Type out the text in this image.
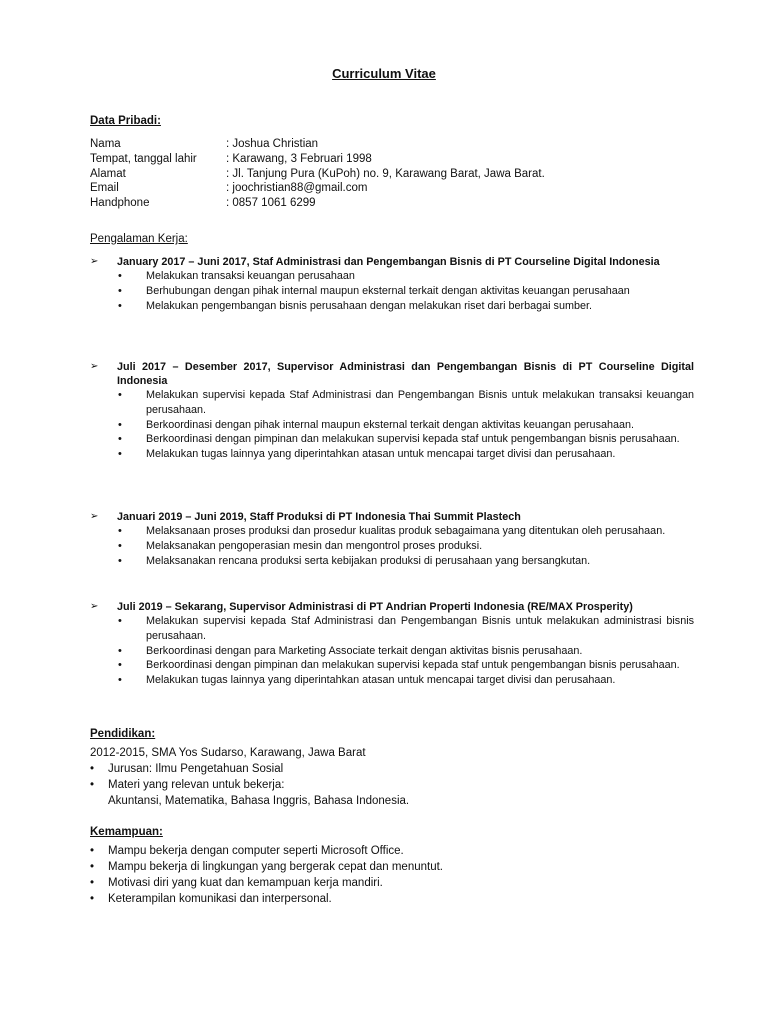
Curriculum Vitae
Data Pribadi:
Nama	: Joshua Christian
Tempat, tanggal lahir	: Karawang, 3 Februari 1998
Alamat	: Jl. Tanjung Pura (KuPoh) no. 9, Karawang Barat, Jawa Barat.
Email	: joochristian88@gmail.com
Handphone	: 0857 1061 6299
Pengalaman Kerja:
➢	January 2017 – Juni 2017, Staf Administrasi dan Pengembangan Bisnis di PT Courseline Digital Indonesia
•	Melakukan transaksi keuangan perusahaan
•	Berhubungan dengan pihak internal maupun eksternal terkait dengan aktivitas keuangan perusahaan
•	Melakukan pengembangan bisnis perusahaan dengan melakukan riset dari berbagai sumber.
➢	Juli 2017 – Desember 2017, Supervisor Administrasi dan Pengembangan Bisnis di PT Courseline Digital Indonesia
•	Melakukan supervisi kepada Staf Administrasi dan Pengembangan Bisnis untuk melakukan transaksi keuangan perusahaan.
•	Berkoordinasi dengan pihak internal maupun eksternal terkait dengan aktivitas keuangan perusahaan.
•	Berkoordinasi dengan pimpinan dan melakukan supervisi kepada staf untuk pengembangan bisnis perusahaan.
•	Melakukan tugas lainnya yang diperintahkan atasan untuk mencapai target divisi dan perusahaan.
➢	Januari 2019 – Juni 2019, Staff Produksi di PT Indonesia Thai Summit Plastech
•	Melaksanaan proses produksi dan prosedur kualitas produk sebagaimana yang ditentukan oleh perusahaan.
•	Melaksanakan pengoperasian mesin dan mengontrol proses produksi.
•	Melaksanakan rencana produksi serta kebijakan produksi di perusahaan yang bersangkutan.
➢	Juli 2019 – Sekarang, Supervisor Administrasi di PT Andrian Properti Indonesia (RE/MAX Prosperity)
•	Melakukan supervisi kepada Staf Administrasi dan Pengembangan Bisnis untuk melakukan administrasi bisnis perusahaan.
•	Berkoordinasi dengan para Marketing Associate terkait dengan aktivitas bisnis perusahaan.
•	Berkoordinasi dengan pimpinan dan melakukan supervisi kepada staf untuk pengembangan bisnis perusahaan.
•	Melakukan tugas lainnya yang diperintahkan atasan untuk mencapai target divisi dan perusahaan.
Pendidikan:
2012-2015, SMA Yos Sudarso, Karawang, Jawa Barat
•	Jurusan: Ilmu Pengetahuan Sosial
•	Materi yang relevan untuk bekerja:
Akuntansi, Matematika, Bahasa Inggris, Bahasa Indonesia.
Kemampuan:
•	Mampu bekerja dengan computer seperti Microsoft Office.
•	Mampu bekerja di lingkungan yang bergerak cepat dan menuntut.
•	Motivasi diri yang kuat dan kemampuan kerja mandiri.
•	Keterampilan komunikasi dan interpersonal.
